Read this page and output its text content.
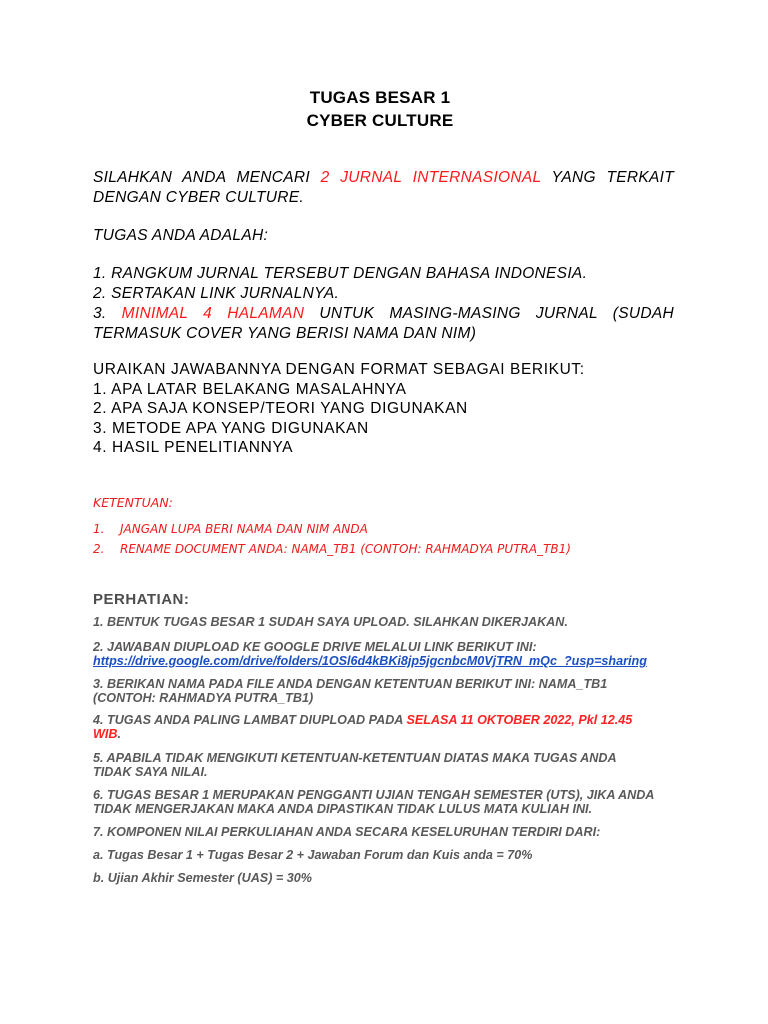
TUGAS BESAR 1
CYBER CULTURE
SILAHKAN ANDA MENCARI 2 JURNAL INTERNASIONAL YANG TERKAIT
DENGAN CYBER CULTURE.
TUGAS ANDA ADALAH:
1. RANGKUM JURNAL TERSEBUT DENGAN BAHASA INDONESIA.
2. SERTAKAN LINK JURNALNYA.
3. MINIMAL 4 HALAMAN UNTUK MASING-MASING JURNAL (SUDAH
TERMASUK COVER YANG BERISI NAMA DAN NIM)
URAIKAN JAWABANNYA DENGAN FORMAT SEBAGAI BERIKUT:
1. APA LATAR BELAKANG MASALAHNYA
2. APA SAJA KONSEP/TEORI YANG DIGUNAKAN
3. METODE APA YANG DIGUNAKAN
4. HASIL PENELITIANNYA
KETENTUAN:
1. JANGAN LUPA BERI NAMA DAN NIM ANDA
2. RENAME DOCUMENT ANDA: NAMA_TB1 (CONTOH: RAHMADYA PUTRA_TB1)
PERHATIAN:
1. BENTUK TUGAS BESAR 1 SUDAH SAYA UPLOAD. SILAHKAN DIKERJAKAN.
2. JAWABAN DIUPLOAD KE GOOGLE DRIVE MELALUI LINK BERIKUT INI:
https://drive.google.com/drive/folders/1OSl6d4kBKi8jp5jgcnbcM0VjTRN_mQc_?usp=sharing
3. BERIKAN NAMA PADA FILE ANDA DENGAN KETENTUAN BERIKUT INI: NAMA_TB1
(CONTOH: RAHMADYA PUTRA_TB1)
4. TUGAS ANDA PALING LAMBAT DIUPLOAD PADA SELASA 11 OKTOBER 2022, Pkl 12.45
WIB.
5. APABILA TIDAK MENGIKUTI KETENTUAN-KETENTUAN DIATAS MAKA TUGAS ANDA
TIDAK SAYA NILAI.
6. TUGAS BESAR 1 MERUPAKAN PENGGANTI UJIAN TENGAH SEMESTER (UTS), JIKA ANDA
TIDAK MENGERJAKAN MAKA ANDA DIPASTIKAN TIDAK LULUS MATA KULIAH INI.
7. KOMPONEN NILAI PERKULIAHAN ANDA SECARA KESELURUHAN TERDIRI DARI:
a. Tugas Besar 1 + Tugas Besar 2 + Jawaban Forum dan Kuis anda = 70%
b. Ujian Akhir Semester (UAS) = 30%
